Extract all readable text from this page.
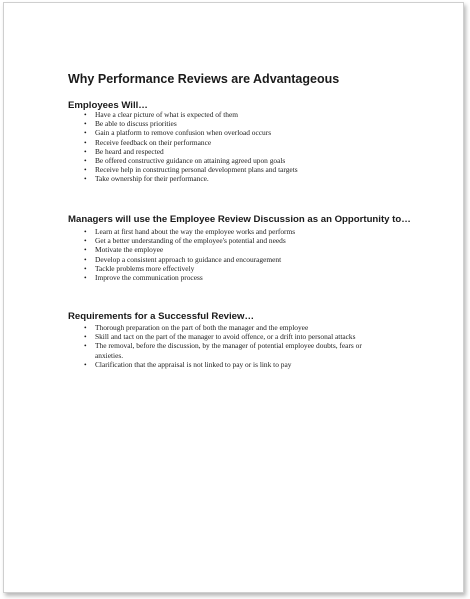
Why Performance Reviews are Advantageous
Employees Will…
• Have a clear picture of what is expected of them
• Be able to discuss priorities
• Gain a platform to remove confusion when overload occurs
• Receive feedback on their performance
• Be heard and respected
• Be offered constructive guidance on attaining agreed upon goals
• Receive help in constructing personal development plans and targets
• Take ownership for their performance.
Managers will use the Employee Review Discussion as an Opportunity to…
• Learn at first hand about the way the employee works and performs
• Get a better understanding of the employee's potential and needs
• Motivate the employee
• Develop a consistent approach to guidance and encouragement
• Tackle problems more effectively
• Improve the communication process
Requirements for a Successful Review…
• Thorough preparation on the part of both the manager and the employee
• Skill and tact on the part of the manager to avoid offence, or a drift into personal attacks
• The removal, before the discussion, by the manager of potential employee doubts, fears or anxieties.
• Clarification that the appraisal is not linked to pay or is link to pay
